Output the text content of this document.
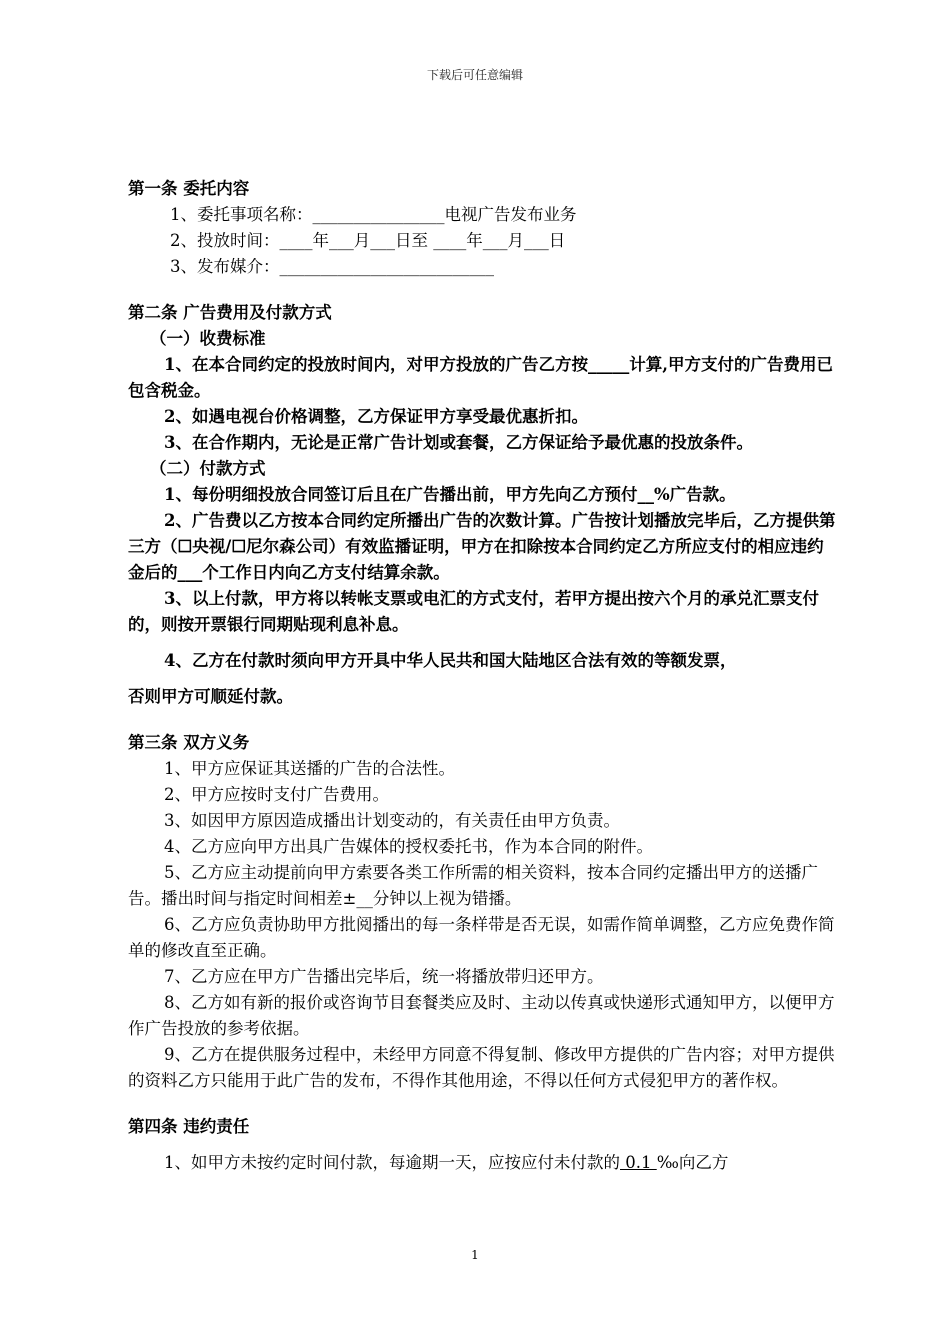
下载后可任意编辑
第一条 委托内容
1、委托事项名称：________________电视广告发布业务
2、投放时间：____年___月___日至 ____年___月___日
3、发布媒介：__________________________
第二条 广告费用及付款方式
（一）收费标准
1、在本合同约定的投放时间内，对甲方投放的广告乙方按_____计算,甲方支付的广告费用已包含税金。
2、如遇电视台价格调整，乙方保证甲方享受最优惠折扣。
3、在合作期内，无论是正常广告计划或套餐，乙方保证给予最优惠的投放条件。
（二）付款方式
1、每份明细投放合同签订后且在广告播出前，甲方先向乙方预付__%广告款。
2、广告费以乙方按本合同约定所播出广告的次数计算。广告按计划播放完毕后，乙方提供第三方（☐央视/☐尼尔森公司）有效监播证明，甲方在扣除按本合同约定乙方所应支付的相应违约金后的___个工作日内向乙方支付结算余款。
3、以上付款，甲方将以转帐支票或电汇的方式支付，若甲方提出按六个月的承兑汇票支付的，则按开票银行同期贴现利息补息。
4、乙方在付款时须向甲方开具中华人民共和国大陆地区合法有效的等额发票，
否则甲方可顺延付款。
第三条 双方义务
1、甲方应保证其送播的广告的合法性。
2、甲方应按时支付广告费用。
3、如因甲方原因造成播出计划变动的，有关责任由甲方负责。
4、乙方应向甲方出具广告媒体的授权委托书，作为本合同的附件。
5、乙方应主动提前向甲方索要各类工作所需的相关资料，按本合同约定播出甲方的送播广告。播出时间与指定时间相差±__分钟以上视为错播。
6、乙方应负责协助甲方批阅播出的每一条样带是否无误，如需作简单调整，乙方应免费作简单的修改直至正确。
7、乙方应在甲方广告播出完毕后，统一将播放带归还甲方。
8、乙方如有新的报价或咨询节目套餐类应及时、主动以传真或快递形式通知甲方，以便甲方作广告投放的参考依据。
9、乙方在提供服务过程中，未经甲方同意不得复制、修改甲方提供的广告内容；对甲方提供的资料乙方只能用于此广告的发布，不得作其他用途，不得以任何方式侵犯甲方的著作权。
第四条 违约责任
1、如甲方未按约定时间付款，每逾期一天，应按应付未付款的 0.1 ‰向乙方
1
